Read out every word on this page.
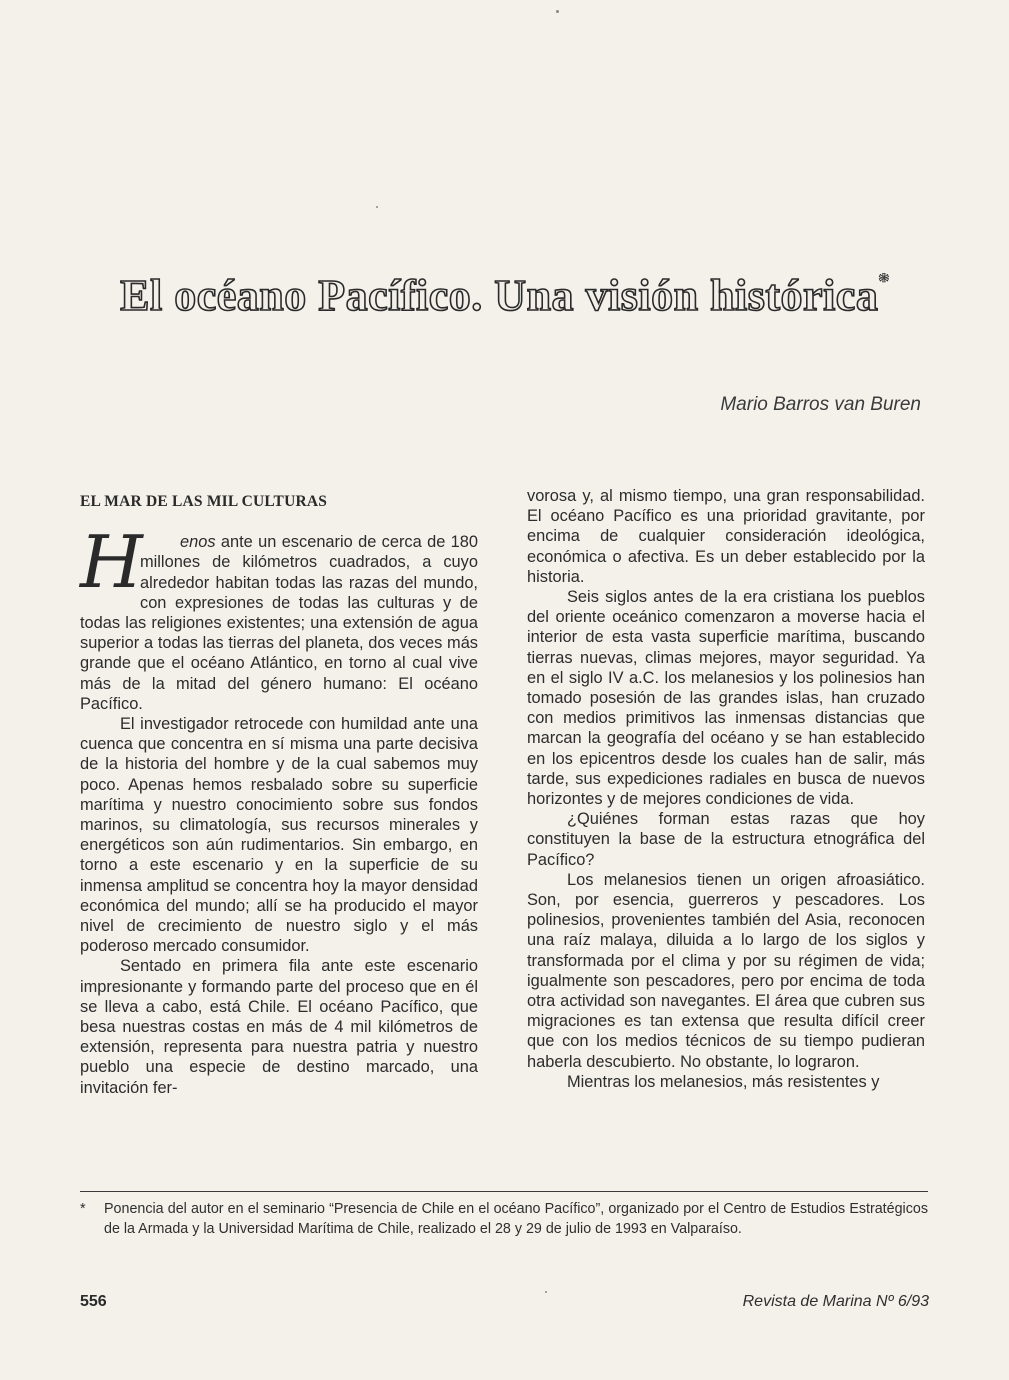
El océano Pacífico. Una visión histórica*
Mario Barros van Buren
EL MAR DE LAS MIL CULTURAS

H enos ante un escenario de cerca de 180 millones de kilómetros cuadrados, a cuyo alrededor habitan todas las razas del mundo, con expresiones de todas las culturas y de todas las religiones existentes; una extensión de agua superior a todas las tierras del planeta, dos veces más grande que el océano Atlántico, en torno al cual vive más de la mitad del género humano: El océano Pacífico.

El investigador retrocede con humildad ante una cuenca que concentra en sí misma una parte decisiva de la historia del hombre y de la cual sabemos muy poco. Apenas hemos resbalado sobre su superficie marítima y nuestro conocimiento sobre sus fondos marinos, su climatología, sus recursos minerales y energéticos son aún rudimentarios. Sin embargo, en torno a este escenario y en la superficie de su inmensa amplitud se concentra hoy la mayor densidad económica del mundo; allí se ha producido el mayor nivel de crecimiento de nuestro siglo y el más poderoso mercado consumidor.

Sentado en primera fila ante este escenario impresionante y formando parte del proceso que en él se lleva a cabo, está Chile. El océano Pacífico, que besa nuestras costas en más de 4 mil kilómetros de extensión, representa para nuestra patria y nuestro pueblo una especie de destino marcado, una invitación fer-

vorosa y, al mismo tiempo, una gran responsabilidad. El océano Pacífico es una prioridad gravitante, por encima de cualquier consideración ideológica, económica o afectiva. Es un deber establecido por la historia.

Seis siglos antes de la era cristiana los pueblos del oriente oceánico comenzaron a moverse hacia el interior de esta vasta superficie marítima, buscando tierras nuevas, climas mejores, mayor seguridad. Ya en el siglo IV a.C. los melanesios y los polinesios han tomado posesión de las grandes islas, han cruzado con medios primitivos las inmensas distancias que marcan la geografía del océano y se han establecido en los epicentros desde los cuales han de salir, más tarde, sus expediciones radiales en busca de nuevos horizontes y de mejores condiciones de vida.

¿Quiénes forman estas razas que hoy constituyen la base de la estructura etnográfica del Pacífico?

Los melanesios tienen un origen afroasiático. Son, por esencia, guerreros y pescadores. Los polinesios, provenientes también del Asia, reconocen una raíz malaya, diluida a lo largo de los siglos y transformada por el clima y por su régimen de vida; igualmente son pescadores, pero por encima de toda otra actividad son navegantes. El área que cubren sus migraciones es tan extensa que resulta difícil creer que con los medios técnicos de su tiempo pudieran haberla descubierto. No obstante, lo lograron.

Mientras los melanesios, más resistentes y

* Ponencia del autor en el seminario “Presencia de Chile en el océano Pacífico”, organizado por el Centro de Estudios Estratégicos de la Armada y la Universidad Marítima de Chile, realizado el 28 y 29 de julio de 1993 en Valparaíso.
556	Revista de Marina Nº 6/93
